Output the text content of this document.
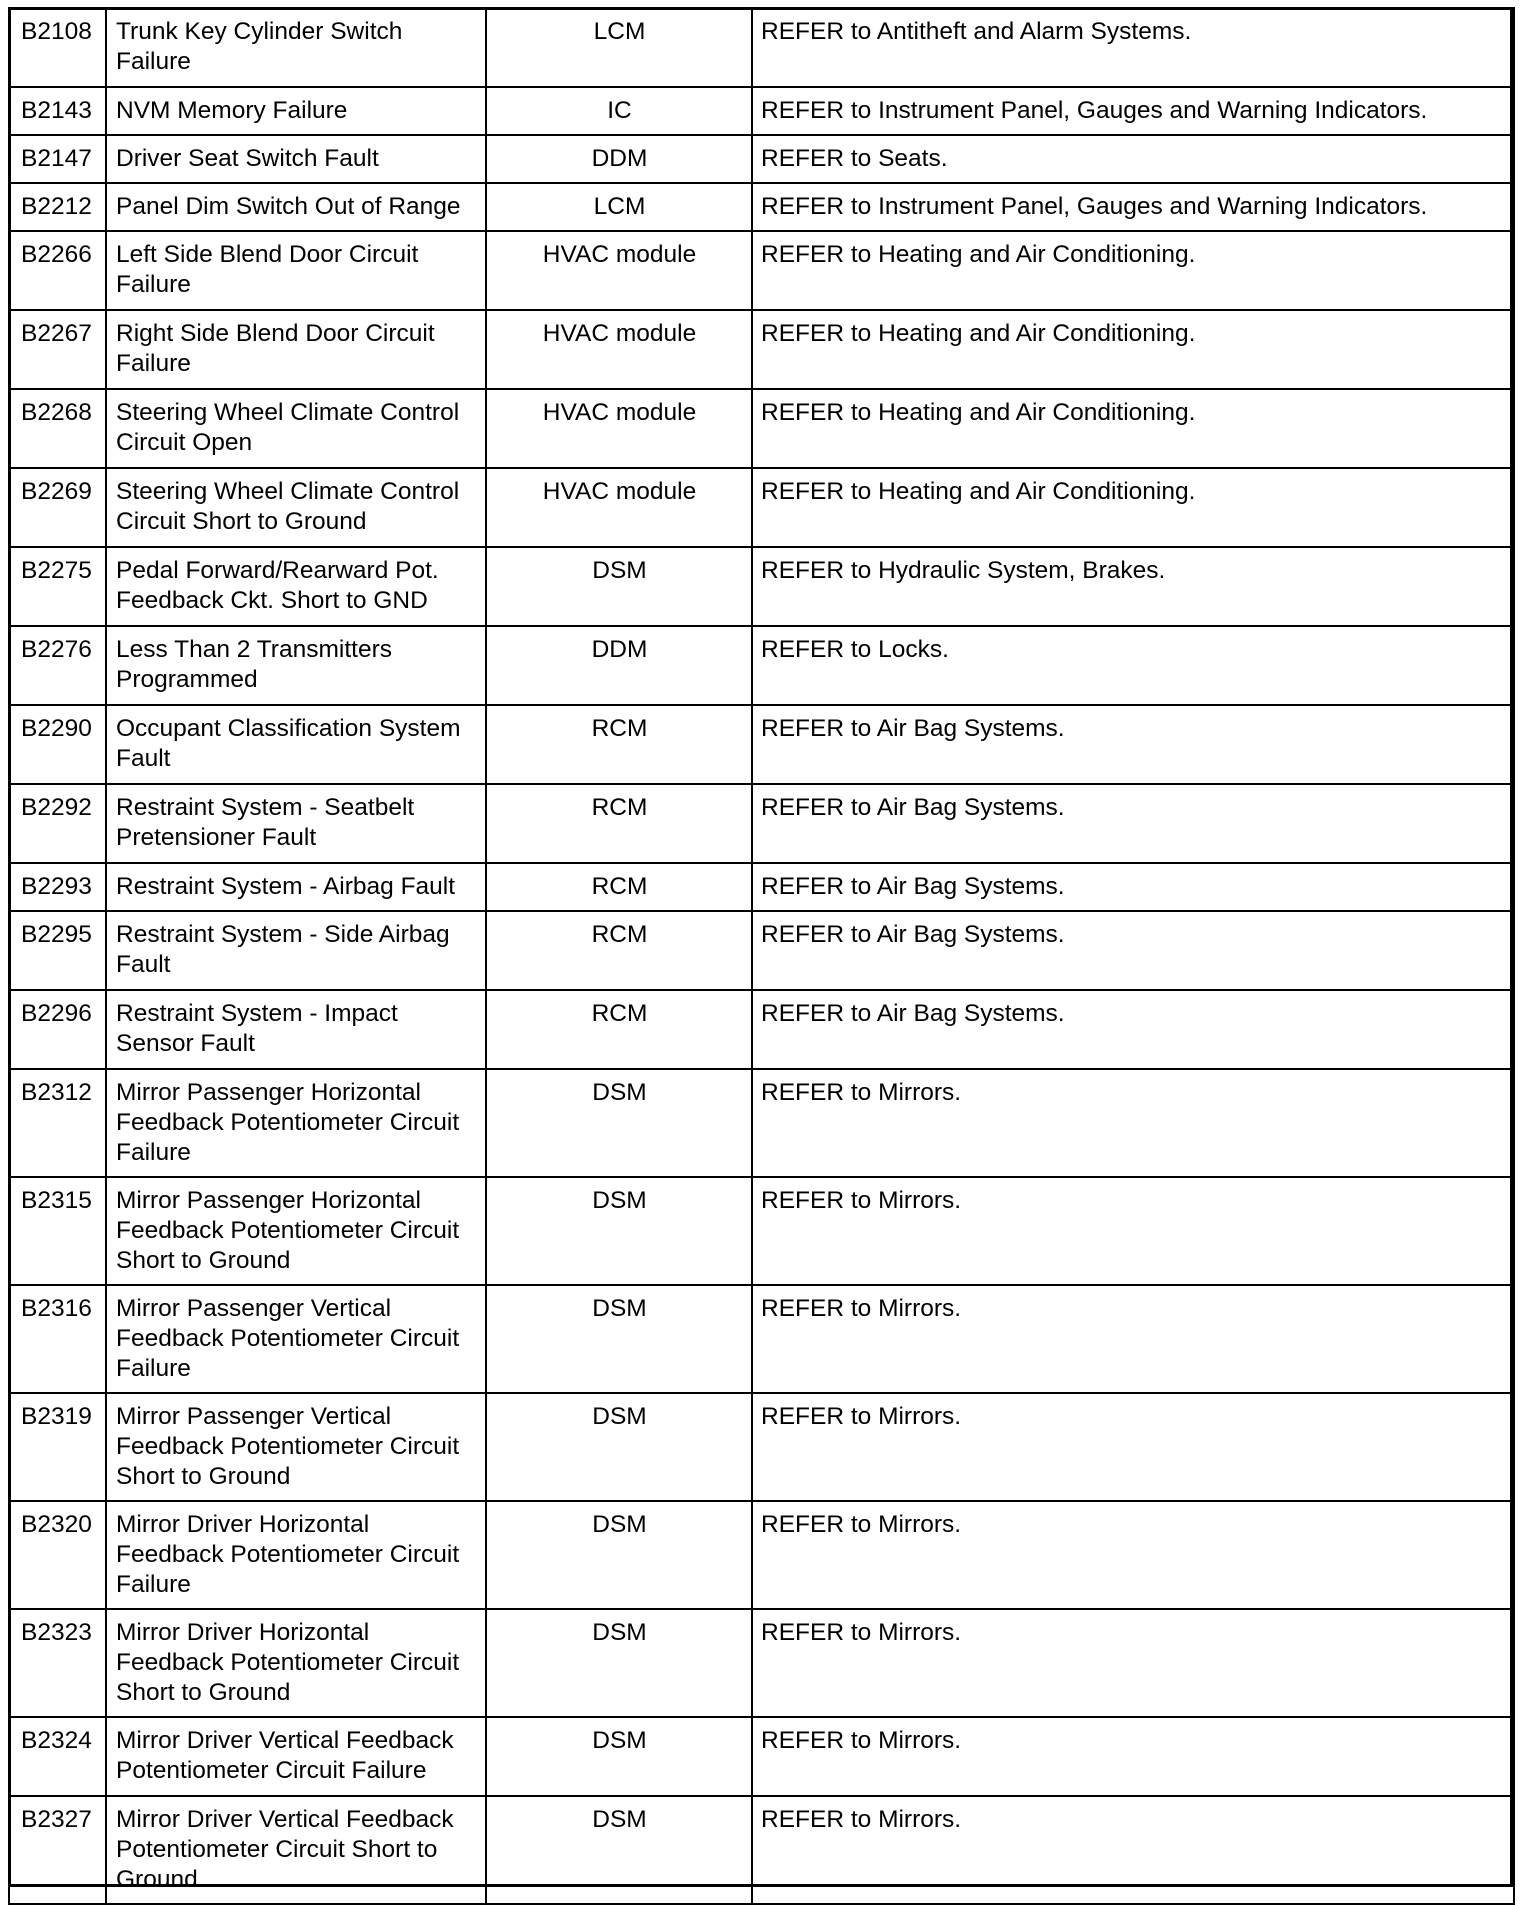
B2108	Trunk Key Cylinder Switch Failure	LCM	REFER to Antitheft and Alarm Systems.
B2143	NVM Memory Failure	IC	REFER to Instrument Panel, Gauges and Warning Indicators.
B2147	Driver Seat Switch Fault	DDM	REFER to Seats.
B2212	Panel Dim Switch Out of Range	LCM	REFER to Instrument Panel, Gauges and Warning Indicators.
B2266	Left Side Blend Door Circuit Failure	HVAC module	REFER to Heating and Air Conditioning.
B2267	Right Side Blend Door Circuit Failure	HVAC module	REFER to Heating and Air Conditioning.
B2268	Steering Wheel Climate Control Circuit Open	HVAC module	REFER to Heating and Air Conditioning.
B2269	Steering Wheel Climate Control Circuit Short to Ground	HVAC module	REFER to Heating and Air Conditioning.
B2275	Pedal Forward/Rearward Pot. Feedback Ckt. Short to GND	DSM	REFER to Hydraulic System, Brakes.
B2276	Less Than 2 Transmitters Programmed	DDM	REFER to Locks.
B2290	Occupant Classification System Fault	RCM	REFER to Air Bag Systems.
B2292	Restraint System - Seatbelt Pretensioner Fault	RCM	REFER to Air Bag Systems.
B2293	Restraint System - Airbag Fault	RCM	REFER to Air Bag Systems.
B2295	Restraint System - Side Airbag Fault	RCM	REFER to Air Bag Systems.
B2296	Restraint System - Impact Sensor Fault	RCM	REFER to Air Bag Systems.
B2312	Mirror Passenger Horizontal Feedback Potentiometer Circuit Failure	DSM	REFER to Mirrors.
B2315	Mirror Passenger Horizontal Feedback Potentiometer Circuit Short to Ground	DSM	REFER to Mirrors.
B2316	Mirror Passenger Vertical Feedback Potentiometer Circuit Failure	DSM	REFER to Mirrors.
B2319	Mirror Passenger Vertical Feedback Potentiometer Circuit Short to Ground	DSM	REFER to Mirrors.
B2320	Mirror Driver Horizontal Feedback Potentiometer Circuit Failure	DSM	REFER to Mirrors.
B2323	Mirror Driver Horizontal Feedback Potentiometer Circuit Short to Ground	DSM	REFER to Mirrors.
B2324	Mirror Driver Vertical Feedback Potentiometer Circuit Failure	DSM	REFER to Mirrors.
B2327	Mirror Driver Vertical Feedback Potentiometer Circuit Short to Ground	DSM	REFER to Mirrors.
